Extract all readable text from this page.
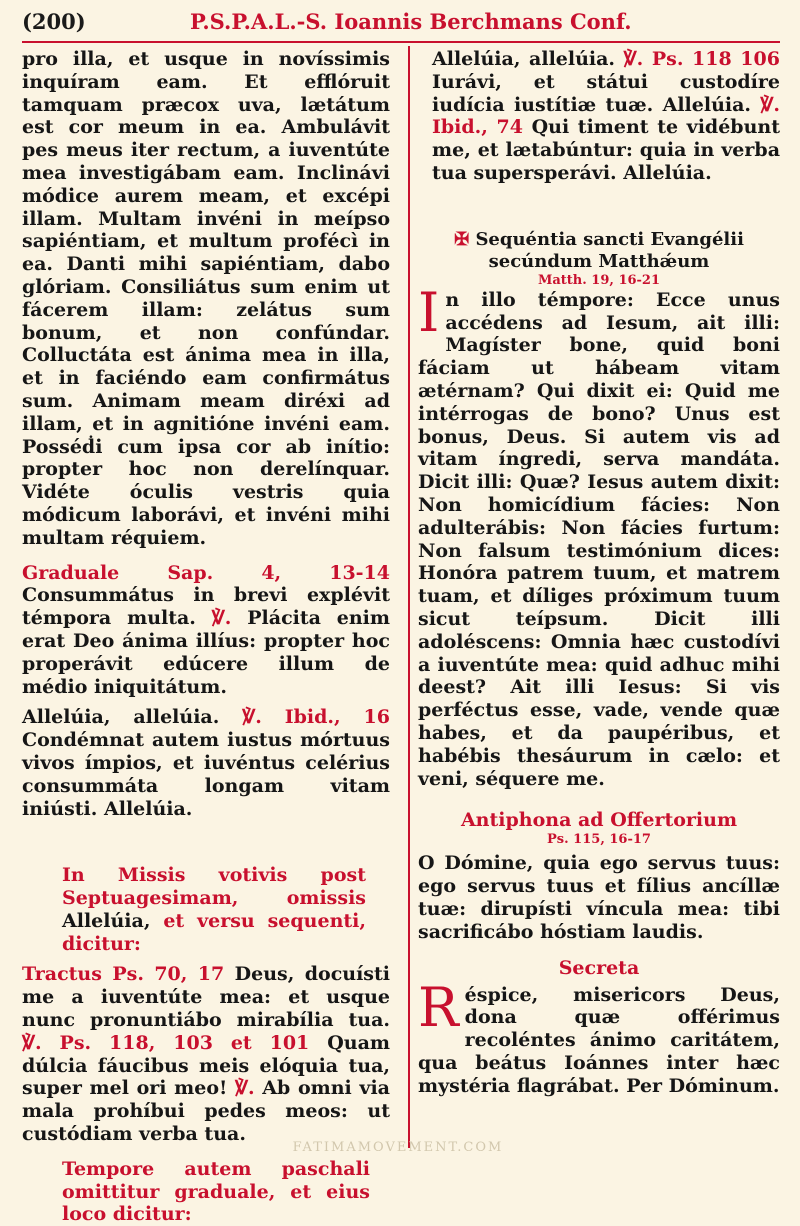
(200)	P.S.P.A.L.-S. Ioannis Berchmans Conf.

pro illa, et usque in novíssimis inquíram eam. Et efflóruit tamquam præcox uva, lætátum est cor meum in ea. Ambulávit pes meus iter rectum, a iuventúte mea investigábam eam. Inclinávi módice aurem meam, et excépi illam. Multam invéni in meípso sapiéntiam, et multum profécì in ea. Danti mihi sapiéntiam, dabo glóriam. Consiliátus sum enim ut fácerem illam: zelátus sum bonum, et non confúndar. Colluctáta est ánima mea in illa, et in faciéndo eam confirmátus sum. Animam meam diréxi ad illam, et in agnitióne invéni eam. Posséḋi cum ipsa cor ab inítio: propter hoc non derelínquar. Vidéte óculis vestris quia módicum laborávi, et invéni mihi multam réquiem.

Graduale Sap. 4, 13-14 Consummátus in brevi explévit témpora multa. ℣. Plácita enim erat Deo ánima illíus: propter hoc properávit edúcere illum de médio iniquitátum.

Allelúia, allelúia. ℣. Ibid., 16 Condémnat autem iustus mórtuus vivos ímpios, et iuvéntus celérius consummáta longam vitam iniústi. Allelúia.

In Missis votivis post Septuagesimam, omissis Allelúia, et versu sequenti, dicitur:

Tractus Ps. 70, 17 Deus, docuísti me a iuventúte mea: et usque nunc pronuntiábo mirabília tua. ℣. Ps. 118, 103 et 101 Quam dúlcia fáucibus meis elóquia tua, super mel ori meo! ℣. Ab omni via mala prohíbui pedes meos: ut custódiam verba tua.

Tempore autem paschali omittitur graduale, et eius loco dicitur:

Allelúia, allelúia. ℣. Ps. 118 106 Iurávi, et státui custodíre iudícia iustítiæ tuæ. Allelúia. ℣. Ibid., 74 Qui timent te vidébunt me, et lætabúntur: quia in verba tua supersperávi. Allelúia.

✠ Sequéntia sancti Evangélii
secúndum Matthǽum
Matth. 19, 16-21

In illo témpore: Ecce unus accédens ad Iesum, ait illi: Magíster bone, quid boni fáciam ut hábeam vitam ætérnam? Qui dixit ei: Quid me intérrogas de bono? Unus est bonus, Deus. Si autem vis ad vitam íngredi, serva mandáta. Dicit illi: Quæ? Iesus autem dixit: Non homicídium fácies: Non adulterábis: Non fácies furtum: Non falsum testimónium dices: Honóra patrem tuum, et matrem tuam, et díliges próximum tuum sicut teípsum. Dicit illi adoléscens: Omnia hæc custodívi a iuventúte mea: quid adhuc mihi deest? Ait illi Iesus: Si vis perféctus esse, vade, vende quæ habes, et da paupéribus, et habébis thesáurum in cælo: et veni, séquere me.

Antiphona ad Offertorium
Ps. 115, 16-17

O Dómine, quia ego servus tuus: ego servus tuus et fílius ancíllæ tuæ: dirupísti víncula mea: tibi sacrificábo hóstiam laudis.

Secreta

Réspice, misericors Deus, dona quæ offérimus recoléntes ánimo caritátem, qua beátus Ioánnes inter hæc mystéria flagrábat. Per Dóminum.

FATIMAMOVEMENT.COM
